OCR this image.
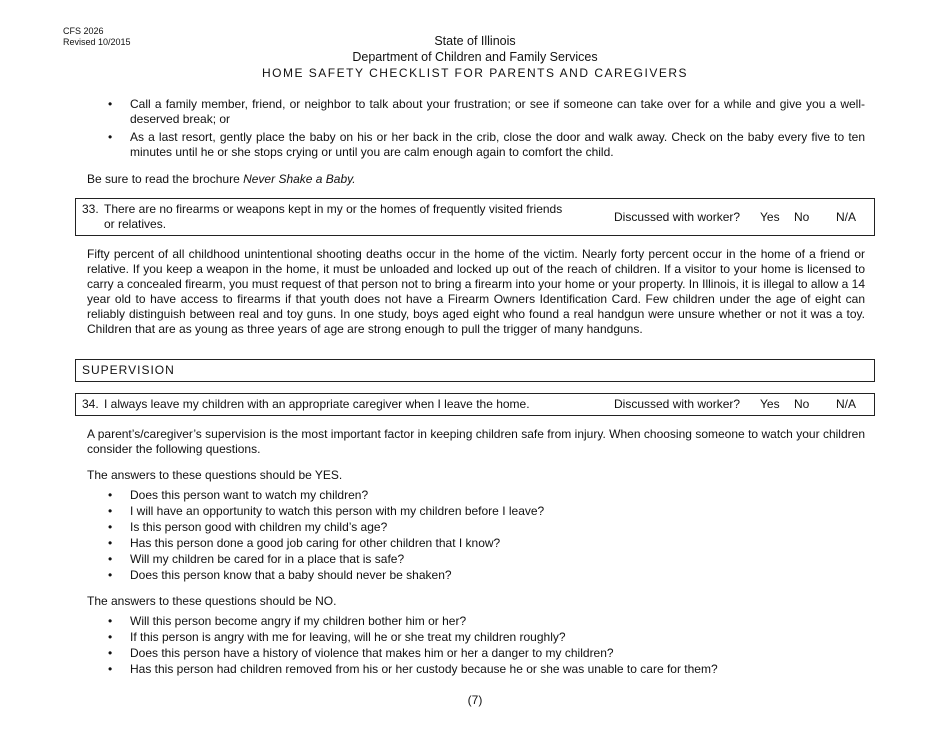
CFS 2026
Revised 10/2015	State of Illinois
Department of Children and Family Services
HOME SAFETY CHECKLIST FOR PARENTS AND CAREGIVERS
• Call a family member, friend, or neighbor to talk about your frustration; or see if someone can take over for a while and give you a well-deserved break; or
• As a last resort, gently place the baby on his or her back in the crib, close the door and walk away. Check on the baby every five to ten minutes until he or she stops crying or until you are calm enough again to comfort the child.
Be sure to read the brochure Never Shake a Baby.
33. There are no firearms or weapons kept in my or the homes of frequently visited friends or relatives.
Discussed with worker?	Yes	No	N/A
Fifty percent of all childhood unintentional shooting deaths occur in the home of the victim. Nearly forty percent occur in the home of a friend or relative. If you keep a weapon in the home, it must be unloaded and locked up out of the reach of children. If a visitor to your home is licensed to carry a concealed firearm, you must request of that person not to bring a firearm into your home or your property. In Illinois, it is illegal to allow a 14 year old to have access to firearms if that youth does not have a Firearm Owners Identification Card. Few children under the age of eight can reliably distinguish between real and toy guns. In one study, boys aged eight who found a real handgun were unsure whether or not it was a toy. Children that are as young as three years of age are strong enough to pull the trigger of many handguns.
SUPERVISION
34. I always leave my children with an appropriate caregiver when I leave the home.	Discussed with worker?	Yes	No	N/A
A parent’s/caregiver’s supervision is the most important factor in keeping children safe from injury. When choosing someone to watch your children consider the following questions.
The answers to these questions should be YES.
• Does this person want to watch my children?
• I will have an opportunity to watch this person with my children before I leave?
• Is this person good with children my child’s age?
• Has this person done a good job caring for other children that I know?
• Will my children be cared for in a place that is safe?
• Does this person know that a baby should never be shaken?
The answers to these questions should be NO.
• Will this person become angry if my children bother him or her?
• If this person is angry with me for leaving, will he or she treat my children roughly?
• Does this person have a history of violence that makes him or her a danger to my children?
• Has this person had children removed from his or her custody because he or she was unable to care for them?
(7)
